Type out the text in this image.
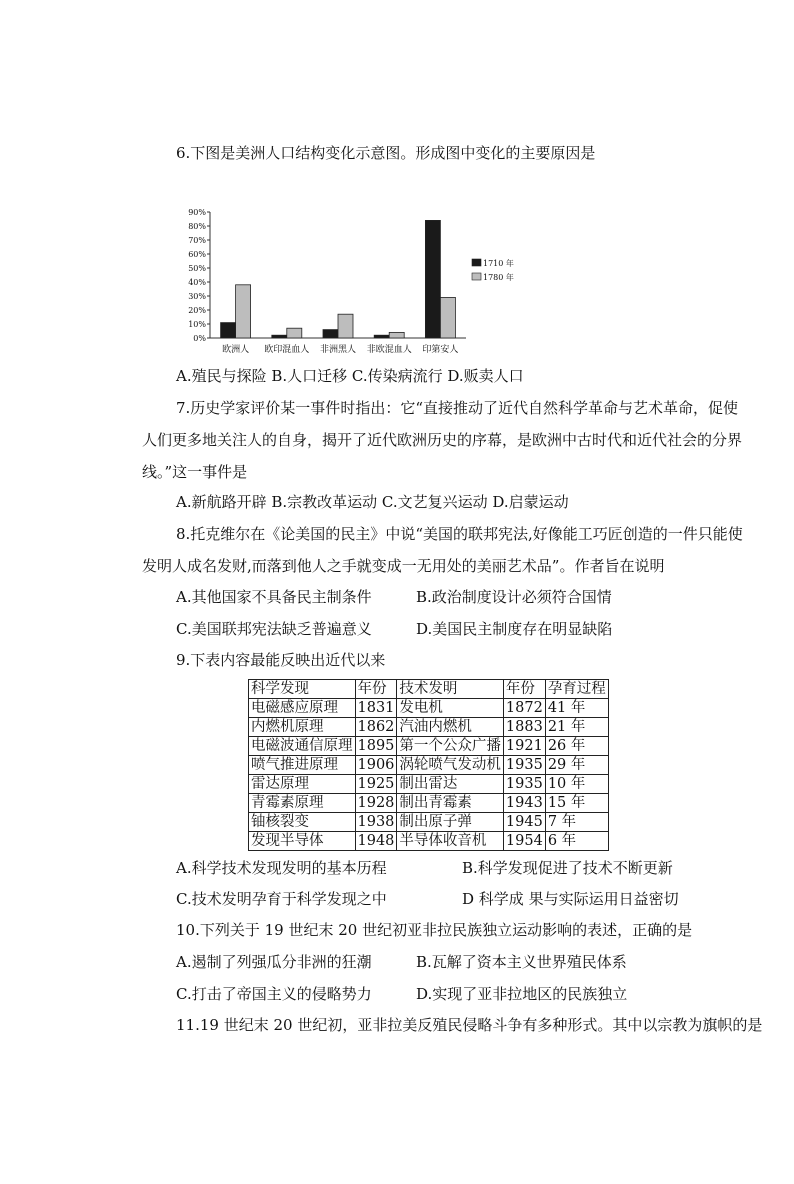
6.下图是美洲人口结构变化示意图。形成图中变化的主要原因是
0%
10%
20%
30%
40%
50%
60%
70%
80%
90%
欧洲人 欧印混血人 非洲黑人 非欧混血人 印第安人
1710 年
1780 年
A.殖民与探险 B.人口迁移 C.传染病流行 D.贩卖人口
7.历史学家评价某一事件时指出：它“直接推动了近代自然科学革命与艺术革命，促使
人们更多地关注人的自身，揭开了近代欧洲历史的序幕，是欧洲中古时代和近代社会的分界
线。”这一事件是
A.新航路开辟 B.宗教改革运动 C.文艺复兴运动 D.启蒙运动
8.托克维尔在《论美国的民主》中说“美国的联邦宪法,好像能工巧匠创造的一件只能使
发明人成名发财,而落到他人之手就变成一无用处的美丽艺术品”。作者旨在说明
A.其他国家不具备民主制条件	B.政治制度设计必须符合国情
C.美国联邦宪法缺乏普遍意义	D.美国民主制度存在明显缺陷
9.下表内容最能反映出近代以来
科学发现	年份	技术发明	年份	孕育过程
电磁感应原理	1831	发电机	1872	41 年
内燃机原理	1862	汽油内燃机	1883	21 年
电磁波通信原理	1895	第一个公众广播	1921	26 年
喷气推进原理	1906	涡轮喷气发动机	1935	29 年
雷达原理	1925	制出雷达	1935	10 年
青霉素原理	1928	制出青霉素	1943	15 年
铀核裂变	1938	制出原子弹	1945	7 年
发现半导体	1948	半导体收音机	1954	6 年
A.科学技术发现发明的基本历程	B.科学发现促进了技术不断更新
C.技术发明孕育于科学发现之中	D 科学成 果与实际运用日益密切
10.下列关于 19 世纪末 20 世纪初亚非拉民族独立运动影响的表述，正确的是
A.遏制了列强瓜分非洲的狂潮	B.瓦解了资本主义世界殖民体系
C.打击了帝国主义的侵略势力	D.实现了亚非拉地区的民族独立
11.19 世纪末 20 世纪初，亚非拉美反殖民侵略斗争有多种形式。其中以宗教为旗帜的是
